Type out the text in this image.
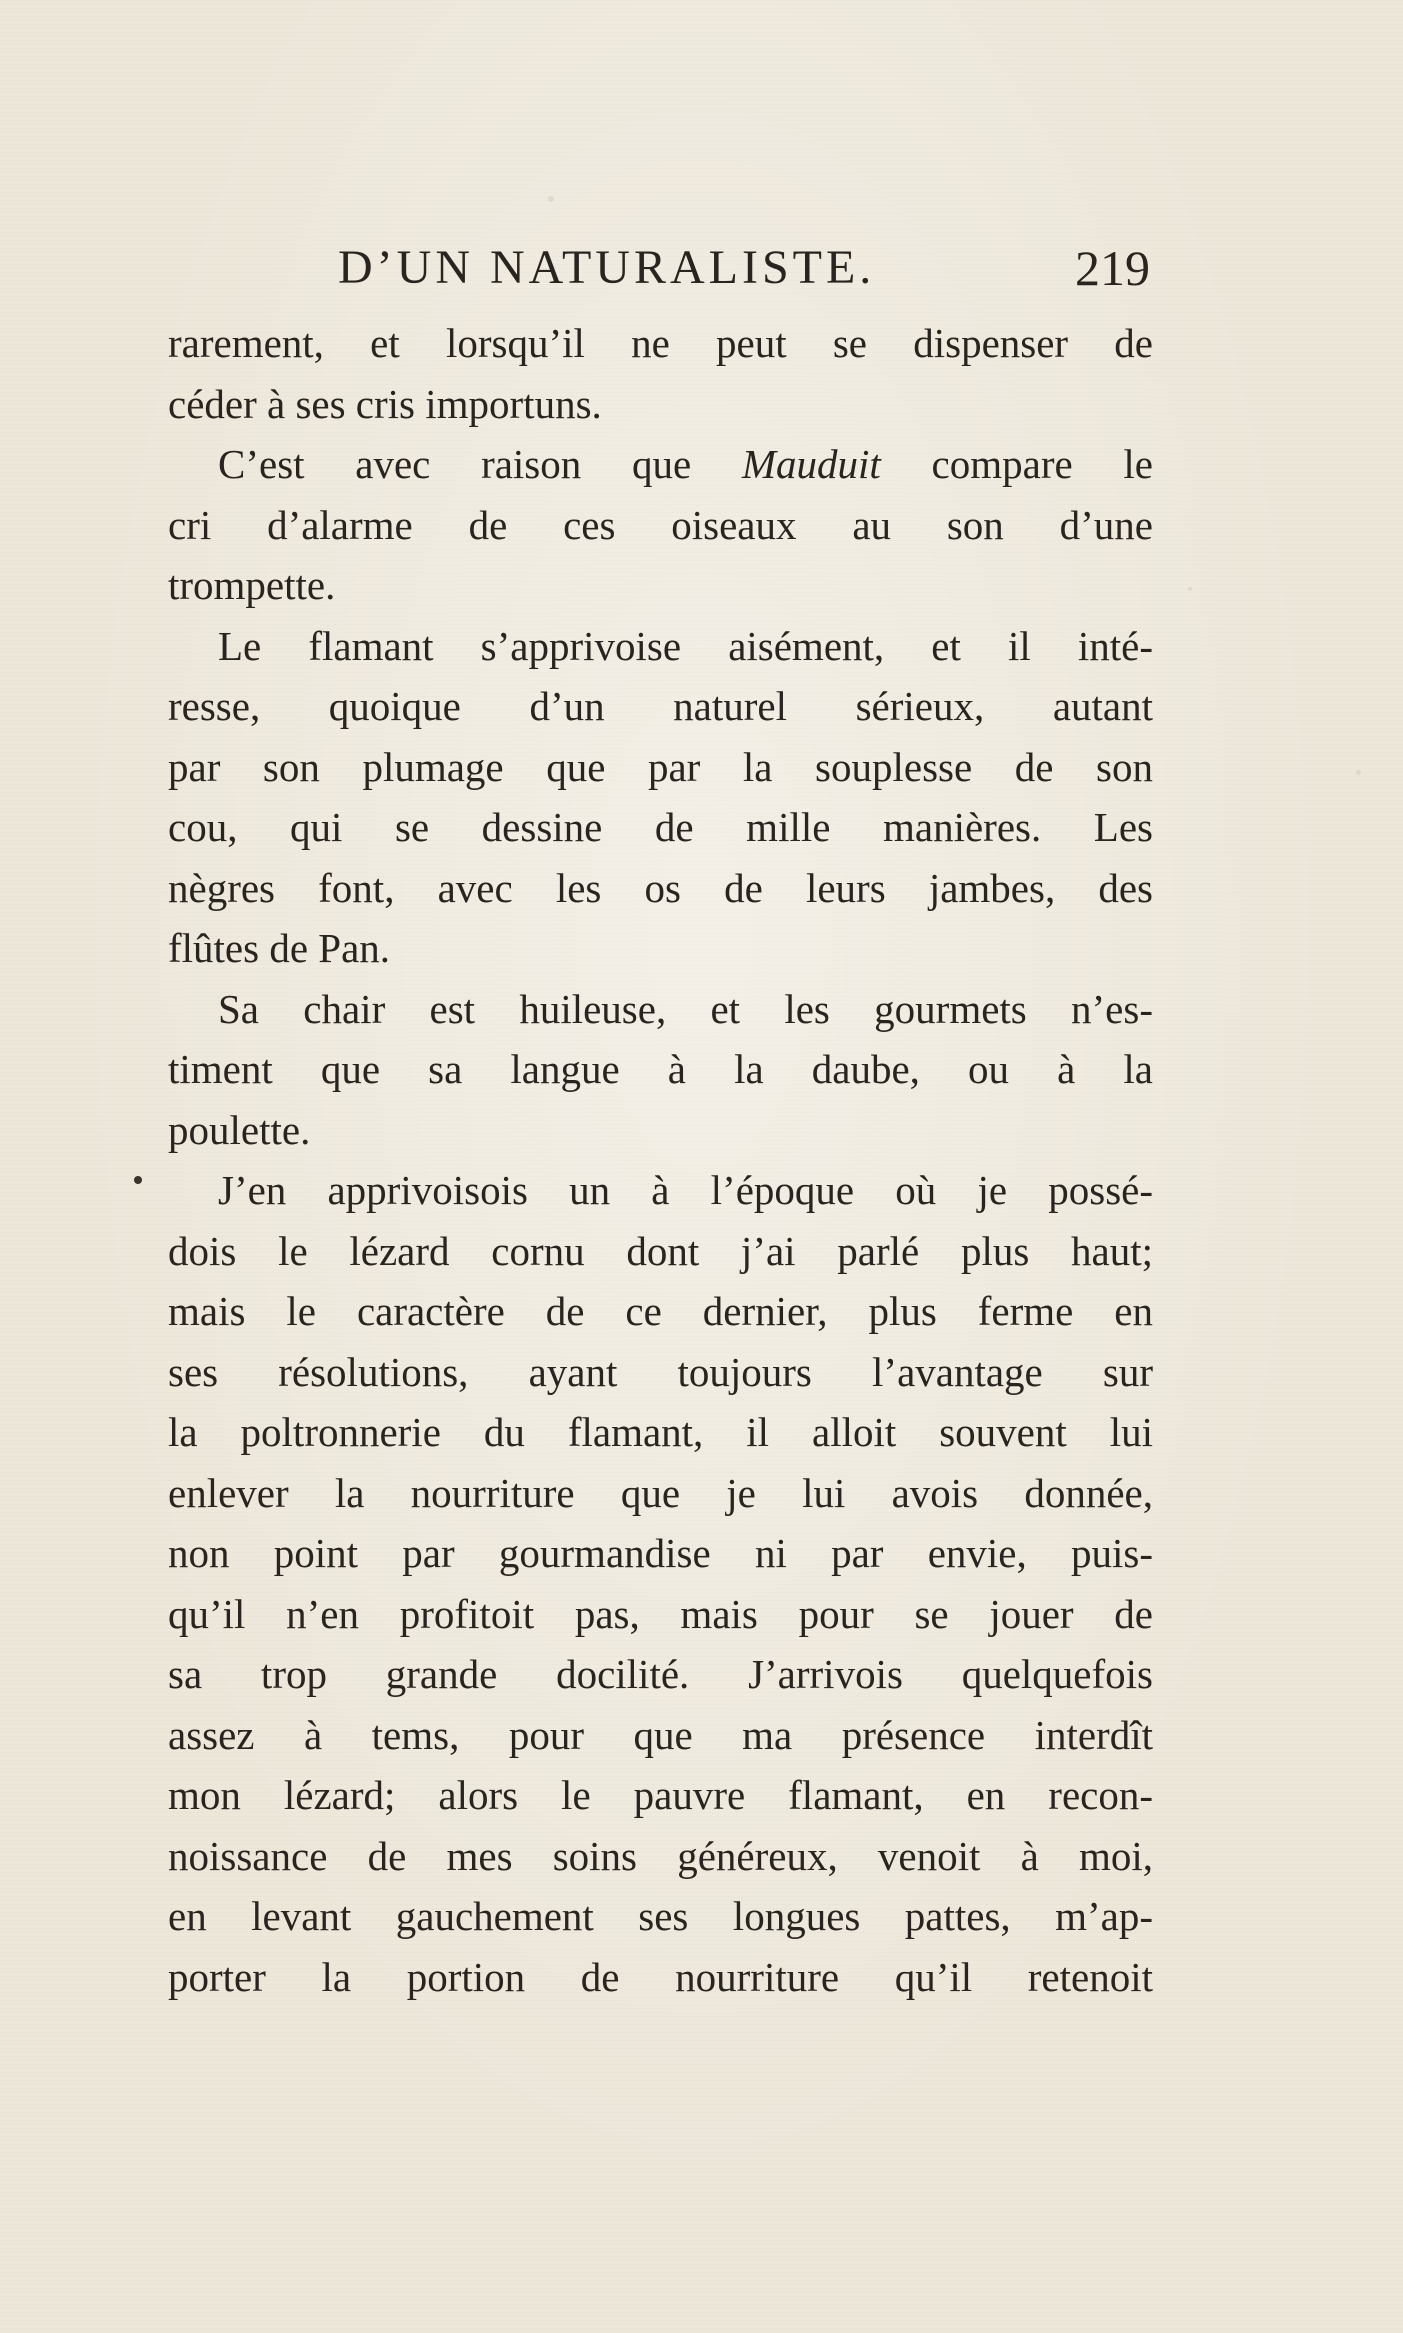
D’UN NATURALISTE.	219
rarement, et lorsqu’il ne peut se dispenser de
céder à ses cris importuns.
C’est avec raison que Mauduit compare le
cri d’alarme de ces oiseaux au son d’une
trompette.
Le flamant s’apprivoise aisément, et il inté-
resse, quoique d’un naturel sérieux, autant
par son plumage que par la souplesse de son
cou, qui se dessine de mille manières. Les
nègres font, avec les os de leurs jambes, des
flûtes de Pan.
Sa chair est huileuse, et les gourmets n’es-
timent que sa langue à la daube, ou à la
poulette.
J’en apprivoisois un à l’époque où je possé-
dois le lézard cornu dont j’ai parlé plus haut;
mais le caractère de ce dernier, plus ferme en
ses résolutions, ayant toujours l’avantage sur
la poltronnerie du flamant, il alloit souvent lui
enlever la nourriture que je lui avois donnée,
non point par gourmandise ni par envie, puis-
qu’il n’en profitoit pas, mais pour se jouer de
sa trop grande docilité. J’arrivois quelquefois
assez à tems, pour que ma présence interdît
mon lézard; alors le pauvre flamant, en recon-
noissance de mes soins généreux, venoit à moi,
en levant gauchement ses longues pattes, m’ap-
porter la portion de nourriture qu’il retenoit
